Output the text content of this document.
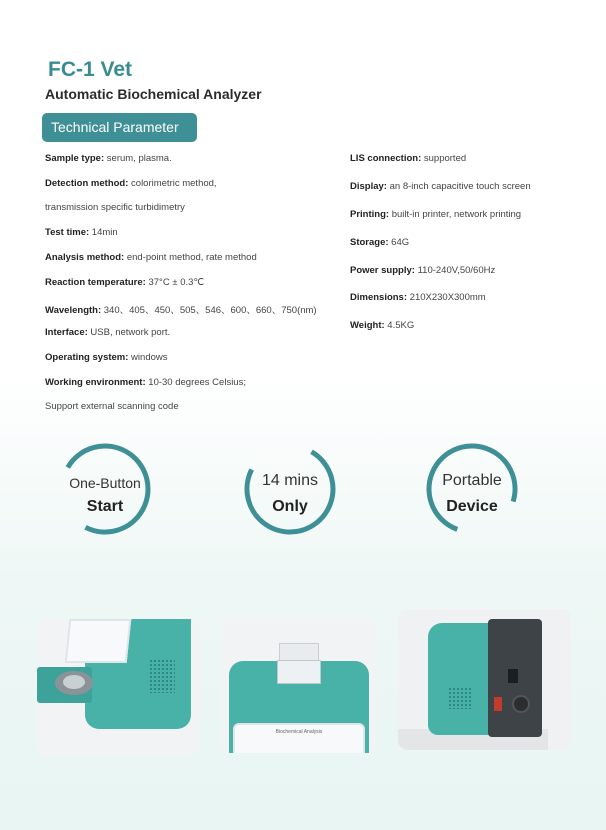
FC-1 Vet
Automatic Biochemical Analyzer
Technical Parameter
Sample type: serum, plasma.
Detection method: colorimetric method,
transmission specific turbidimetry
Test time: 14min
Analysis method: end-point method, rate method
Reaction temperature: 37°C ± 0.3℃
Wavelength: 340、405、450、505、546、600、660、750(nm)
Interface: USB, network port.
Operating system: windows
Working environment: 10-30 degrees Celsius;
Support external scanning code
LIS connection: supported
Display: an 8-inch capacitive touch screen
Printing: built-in printer, network printing
Storage: 64G
Power supply: 110-240V,50/60Hz
Dimensions: 210X230X300mm
Weight: 4.5KG
One-Button
Start
14 mins
Only
Portable
Device
Biochemical Analysis
